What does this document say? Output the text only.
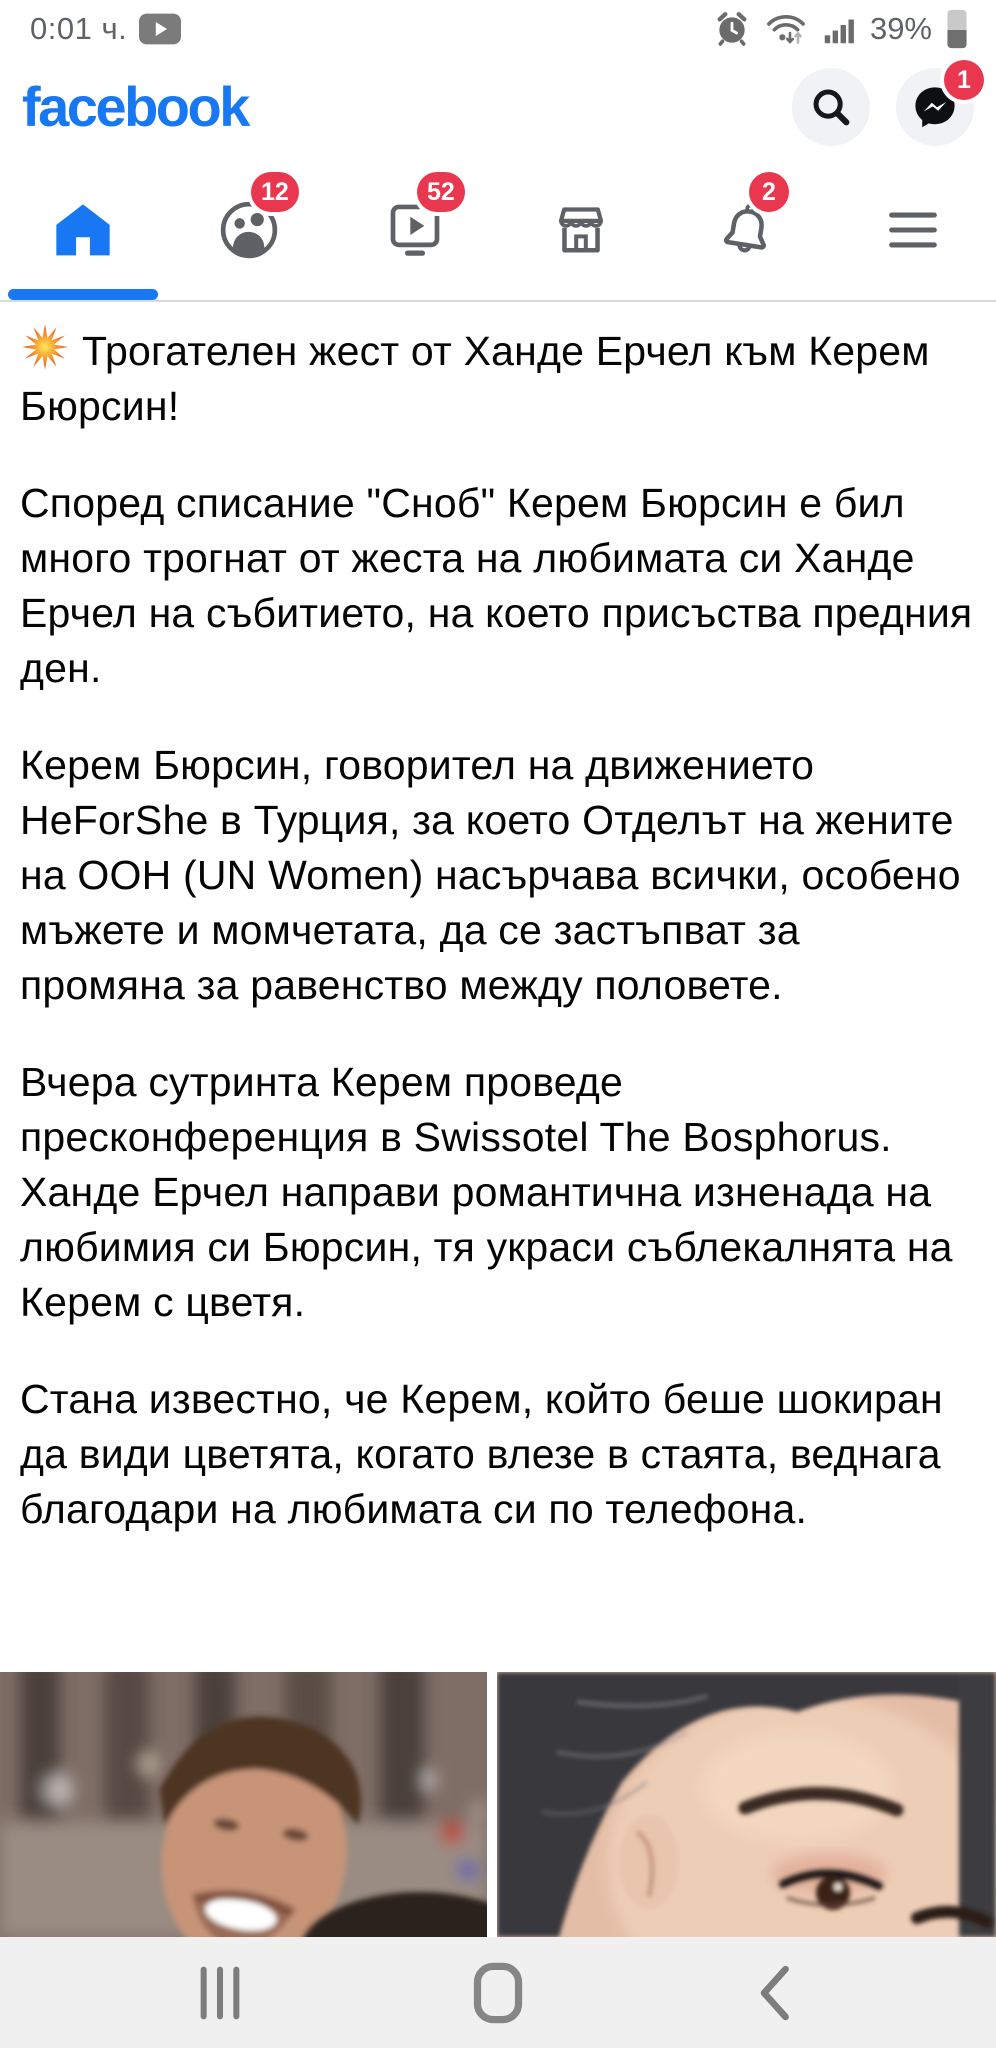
0:01 ч.	39%
facebook	1
12	52	2

Трогателен жест от Ханде Ерчел към Керем Бюрсин!

Според списание "Сноб" Керем Бюрсин е бил много трогнат от жеста на любимата си Ханде Ерчел на събитието, на което присъства предния ден.

Керем Бюрсин, говорител на движението HeForShe в Турция, за което Отделът на жените на ООН (UN Women) насърчава всички, особено мъжете и момчетата, да се застъпват за промяна за равенство между половете.

Вчера сутринта Керем проведе пресконференция в Swissotel The Bosphorus. Ханде Ерчел направи романтична изненада на любимия си Бюрсин, тя украси съблекалнята на Керем с цветя.

Стана известно, че Керем, който беше шокиран да види цветята, когато влезе в стаята, веднага благодари на любимата си по телефона.
